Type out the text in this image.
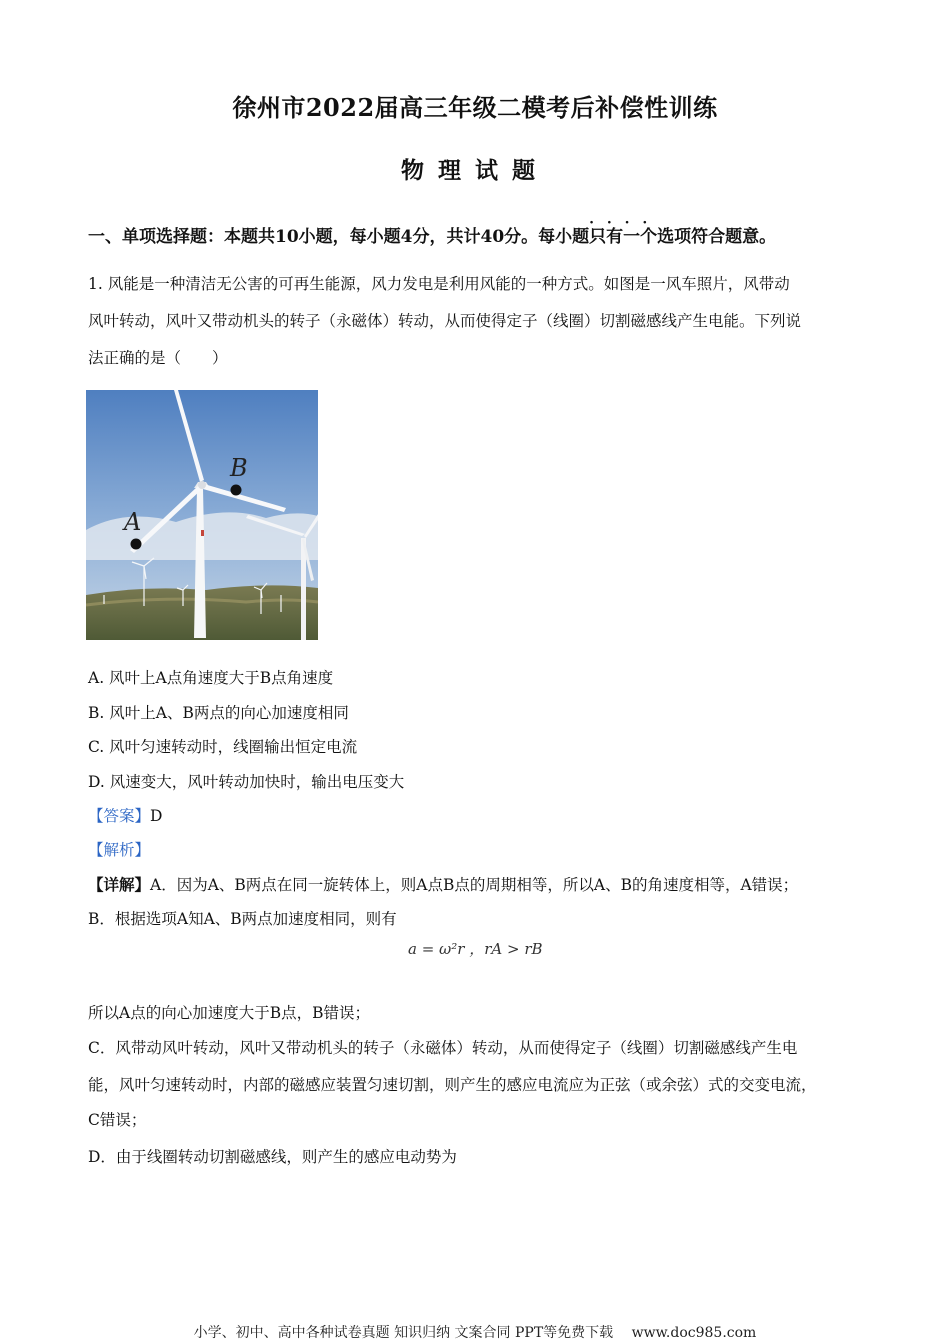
徐州市2022届高三年级二模考后补偿性训练
物理试题
一、单项选择题：本题共10小题，每小题4分，共计40分。每小题· · · · 只有一个选项符合题意。
1. 风能是一种清洁无公害的可再生能源，风力发电是利用风能的一种方式。如图是一风车照片，风带动
风叶转动，风叶又带动机头的转子（永磁体）转动，从而使得定子（线圈）切割磁感线产生电能。下列说
法正确的是（　　）
B
A
A. 风叶上A点角速度大于B点角速度
B. 风叶上A、B两点的向心加速度相同
C. 风叶匀速转动时，线圈输出恒定电流
D. 风速变大，风叶转动加快时，输出电压变大
【答案】D
【解析】
【详解】A．因为A、B两点在同一旋转体上，则A点B点的周期相等，所以A、B的角速度相等，A错误；
B．根据选项A知A、B两点加速度相同，则有
a = ω²r ，rA > rB
所以A点的向心加速度大于B点，B错误；
C．风带动风叶转动，风叶又带动机头的转子（永磁体）转动，从而使得定子（线圈）切割磁感线产生电
能，风叶匀速转动时，内部的磁感应装置匀速切割，则产生的感应电流应为正弦（或余弦）式的交变电流，
C错误；
D．由于线圈转动切割磁感线，则产生的感应电动势为
小学、初中、高中各种试卷真题 知识归纳 文案合同 PPT等免费下载　 www.doc985.com
